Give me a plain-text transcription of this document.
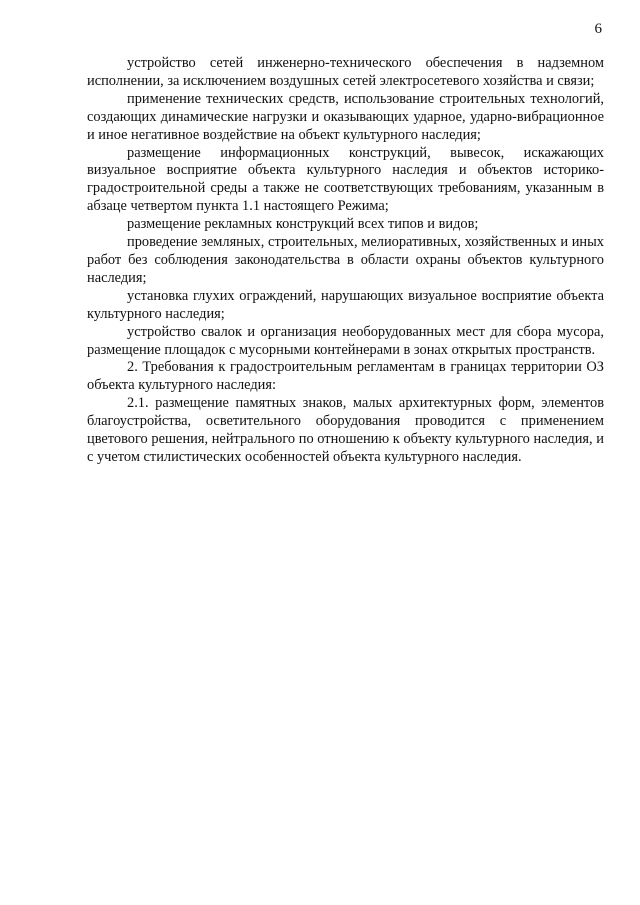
6

устройство сетей инженерно-технического обеспечения в надземном исполнении, за исключением воздушных сетей электросетевого хозяйства и связи;

применение технических средств, использование строительных технологий, создающих динамические нагрузки и оказывающих ударное, ударно-вибрационное и иное негативное воздействие на объект культурного наследия;

размещение информационных конструкций, вывесок, искажающих визуальное восприятие объекта культурного наследия и объектов историко-градостроительной среды а также не соответствующих требованиям, указанным в абзаце четвертом пункта 1.1 настоящего Режима;

размещение рекламных конструкций всех типов и видов;

проведение земляных, строительных, мелиоративных, хозяйственных и иных работ без соблюдения законодательства в области охраны объектов культурного наследия;

установка глухих ограждений, нарушающих визуальное восприятие объекта культурного наследия;

устройство свалок и организация необорудованных мест для сбора мусора, размещение площадок с мусорными контейнерами в зонах открытых пространств.

2. Требования к градостроительным регламентам в границах территории ОЗ объекта культурного наследия:

2.1. размещение памятных знаков, малых архитектурных форм, элементов благоустройства, осветительного оборудования проводится с применением цветового решения, нейтрального по отношению к объекту культурного наследия, и с учетом стилистических особенностей объекта культурного наследия.
